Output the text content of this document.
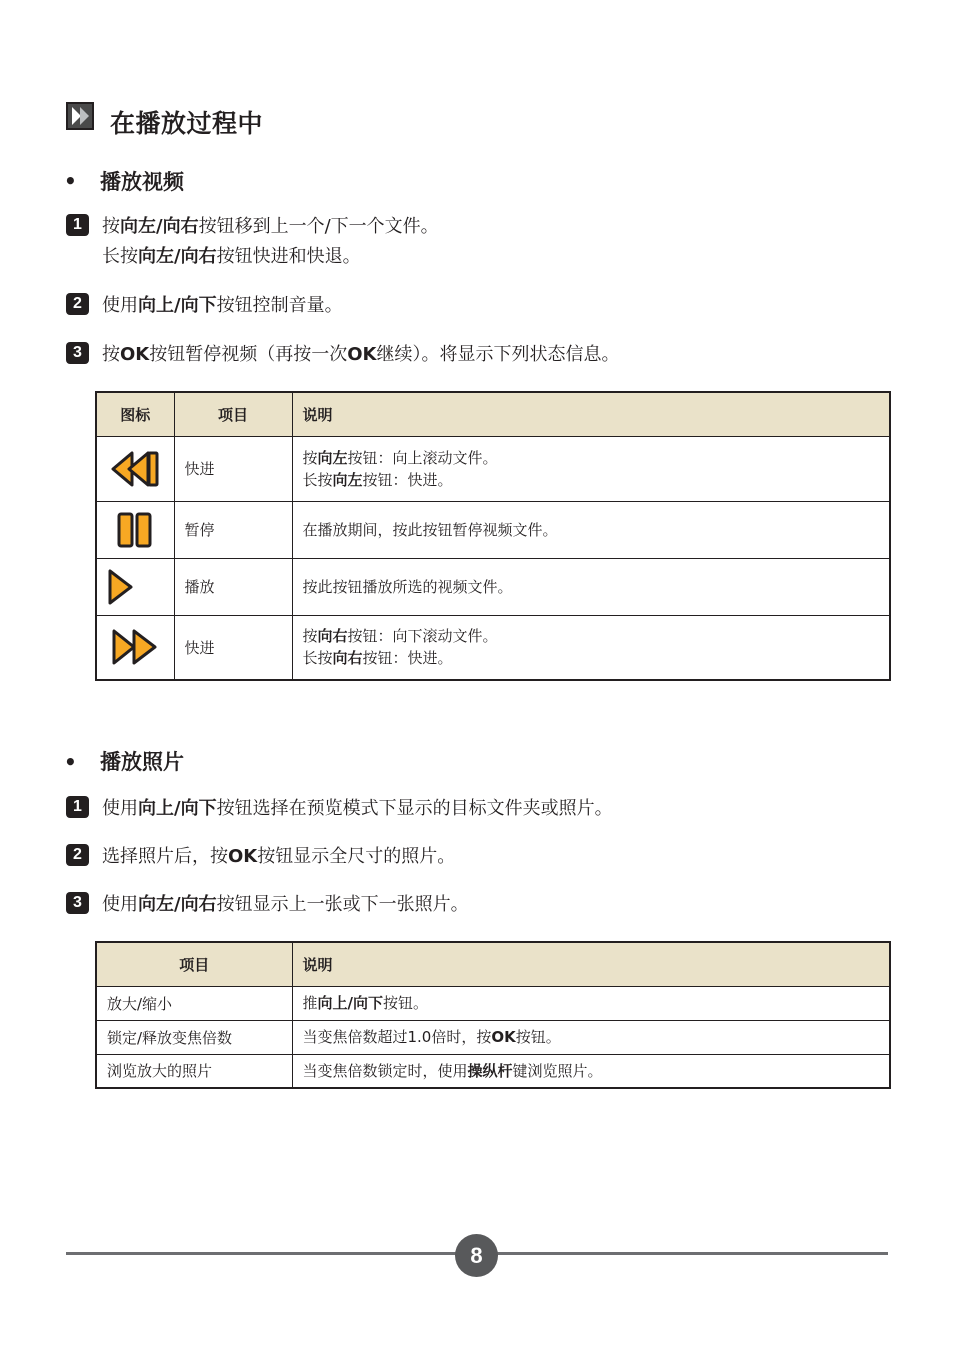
在播放过程中
• 播放视频
1	按向左/向右按钮移到上一个/下一个文件。
长按向左/向右按钮快进和快退。
2	使用向上/向下按钮控制音量。
3	按OK按钮暂停视频（再按一次OK继续）。将显示下列状态信息。
图标	项目	说明

	快进	按向左按钮：向上滚动文件。
长按向左按钮：快进。

	暂停	在播放期间，按此按钮暂停视频文件。

	播放	按此按钮播放所选的视频文件。

	快进	按向右按钮：向下滚动文件。
长按向右按钮：快进。
• 播放照片
1	使用向上/向下按钮选择在预览模式下显示的目标文件夹或照片。
2	选择照片后，按OK按钮显示全尺寸的照片。
3	使用向左/向右按钮显示上一张或下一张照片。
项目	说明
放大/缩小	推向上/向下按钮。

锁定/释放变焦倍数	当变焦倍数超过1.0倍时，按OK按钮。

浏览放大的照片	当变焦倍数锁定时，使用操纵杆键浏览照片。
8
